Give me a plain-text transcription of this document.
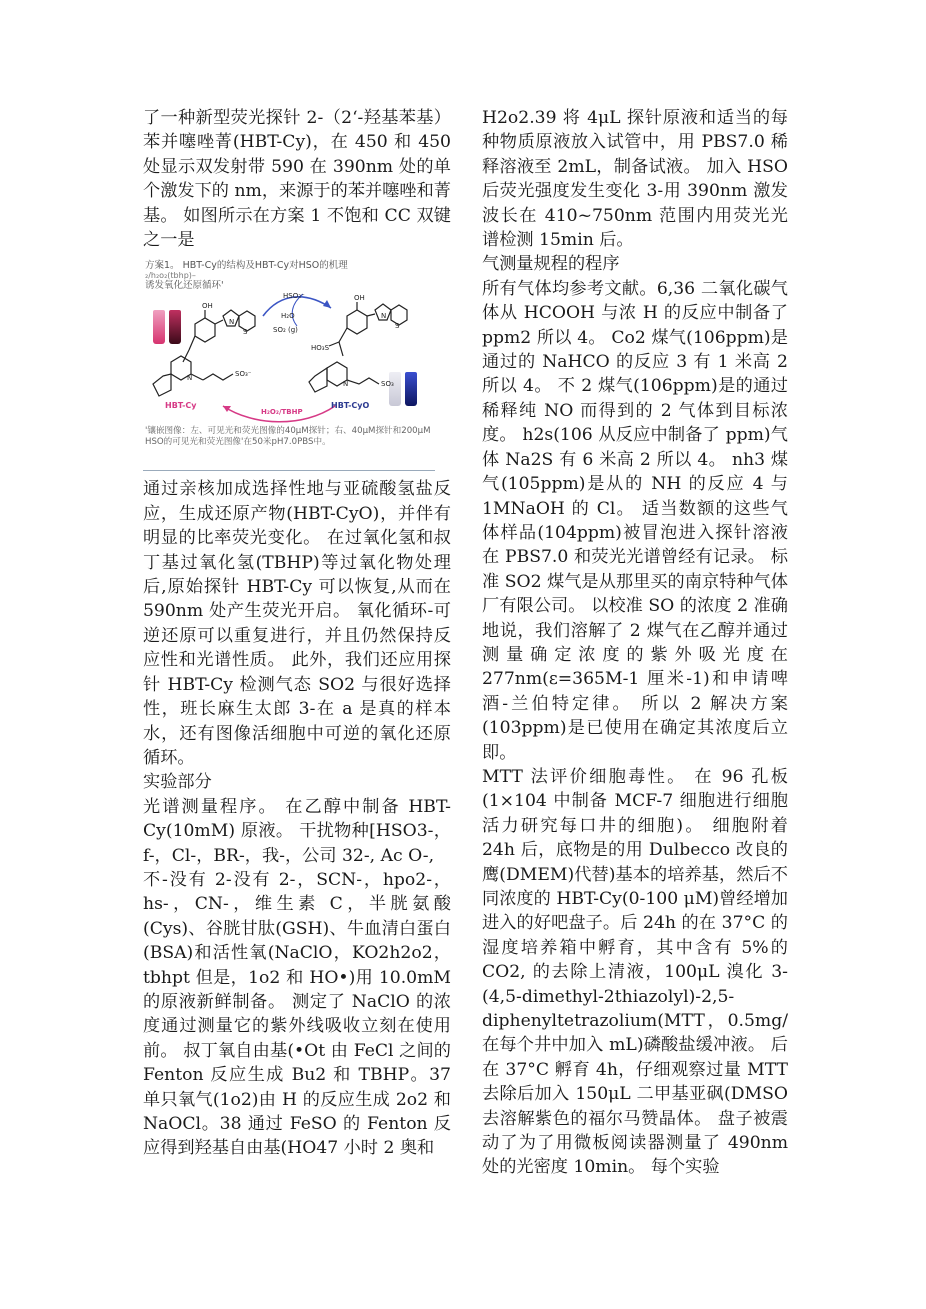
了一种新型荧光探针 2-（2‘-羟基苯基）苯并噻唑菁(HBT-Cy)，在 450 和 450 处显示双发射带 590 在 390nm 处的单个激发下的 nm，来源于的苯并噻唑和菁基。 如图所示在方案 1 不饱和 CC 双键之一是

方案1。 HBT-Cy的结构及HBT-Cy对HSO的机理
₂/h₂o₂(tbhp)–
诱发氧化还原循环'
OH
OH
N
N
S
S
N
N
SO₃⁻
SO₃
HO₃S
H₂O
SO₂ (g)
HSO₃⁻
H₂O₂/TBHP
HBT-Cy	HBT-CyO
'镶嵌图像：左、可见光和荧光图像的40μM探针；右、40μM探针和200μM HSO的可见光和荧光图像'在50米pH7.0PBS中。

通过亲核加成选择性地与亚硫酸氢盐反应，生成还原产物(HBT-CyO)，并伴有明显的比率荧光变化。 在过氧化氢和叔丁基过氧化氢(TBHP)等过氧化物处理后,原始探针 HBT-Cy 可以恢复,从而在 590nm 处产生荧光开启。 氧化循环-可逆还原可以重复进行，并且仍然保持反应性和光谱性质。 此外，我们还应用探针 HBT-Cy 检测气态 SO2 与很好选择性，班长麻生太郎 3-在 a 是真的样本水，还有图像活细胞中可逆的氧化还原循环。

实验部分

光谱测量程序。 在乙醇中制备 HBT-Cy(10mM) 原液。 干扰物种[HSO3-，f-，Cl-，BR-，我-，公司 32-, Ac O-,

不-没有 2-没有 2-，SCN-，hpo2-，hs-，CN-，维生素 C，半胱氨酸(Cys)、谷胱甘肽(GSH)、牛血清白蛋白(BSA)和活性氧(NaClO，KO2h2o2，tbhpt 但是，1o2 和 HO•)用 10.0mM 的原液新鲜制备。 测定了 NaClO 的浓度通过测量它的紫外线吸收立刻在使用前。 叔丁氧自由基(•Ot 由 FeCl 之间的 Fenton 反应生成 Bu2 和 TBHP。37 单只氧气(1o2)由 H 的反应生成 2o2 和 NaOCl。38 通过 FeSO 的 Fenton 反应得到羟基自由基(HO47 小时 2 奥和

H2o2.39 将 4μL 探针原液和适当的每种物质原液放入试管中，用 PBS7.0 稀释溶液至 2mL，制备试液。 加入 HSO 后荧光强度发生变化 3-用 390nm 激发波长在 410~750nm 范围内用荧光光谱检测 15min 后。

气测量规程的程序

所有气体均参考文献。6,36 二氧化碳气体从 HCOOH 与浓 H 的反应中制备了 ppm2 所以 4。 Co2 煤气(106ppm)是通过的 NaHCO 的反应 3 有 1 米高 2 所以 4。 不 2 煤气(106ppm)是的通过稀释纯 NO 而得到的 2 气体到目标浓度。 h2s(106 从反应中制备了 ppm)气体 Na2S 有 6 米高 2 所以 4。 nh3 煤气(105ppm)是从的 NH 的反应 4 与 1MNaOH 的 Cl。 适当数额的这些气体样品(104ppm)被冒泡进入探针溶液在 PBS7.0 和荧光光谱曾经有记录。 标准 SO2 煤气是从那里买的南京特种气体厂有限公司。 以校准 SO 的浓度 2 准确地说，我们溶解了 2 煤气在乙醇并通过测量确定浓度的紫外吸光度在 277nm(ε=365M-1 厘米-1)和申请啤酒-兰伯特定律。 所以 2 解决方案(103ppm)是已使用在确定其浓度后立即。

MTT 法评价细胞毒性。 在 96 孔板(1×104 中制备 MCF-7 细胞进行细胞活力研究每口井的细胞)。 细胞附着 24h 后，底物是的用 Dulbecco 改良的鹰(DMEM)代替)基本的培养基，然后不同浓度的 HBT-Cy(0-100 μM)曾经增加进入的好吧盘子。后 24h 的在 37°C 的湿度培养箱中孵育，其中含有 5%的 CO2, 的去除上清液，100μL 溴化 3-(4,5-dimethyl-2thiazolyl)-2,5-diphenyltetrazolium(MTT，0.5mg/在每个井中加入 mL)磷酸盐缓冲液。 后在 37°C 孵育 4h，仔细观察过量 MTT 去除后加入 150μL 二甲基亚砜(DMSO 去溶解紫色的福尔马赞晶体。 盘子被震动了为了用微板阅读器测量了 490nm 处的光密度 10min。 每个实验
